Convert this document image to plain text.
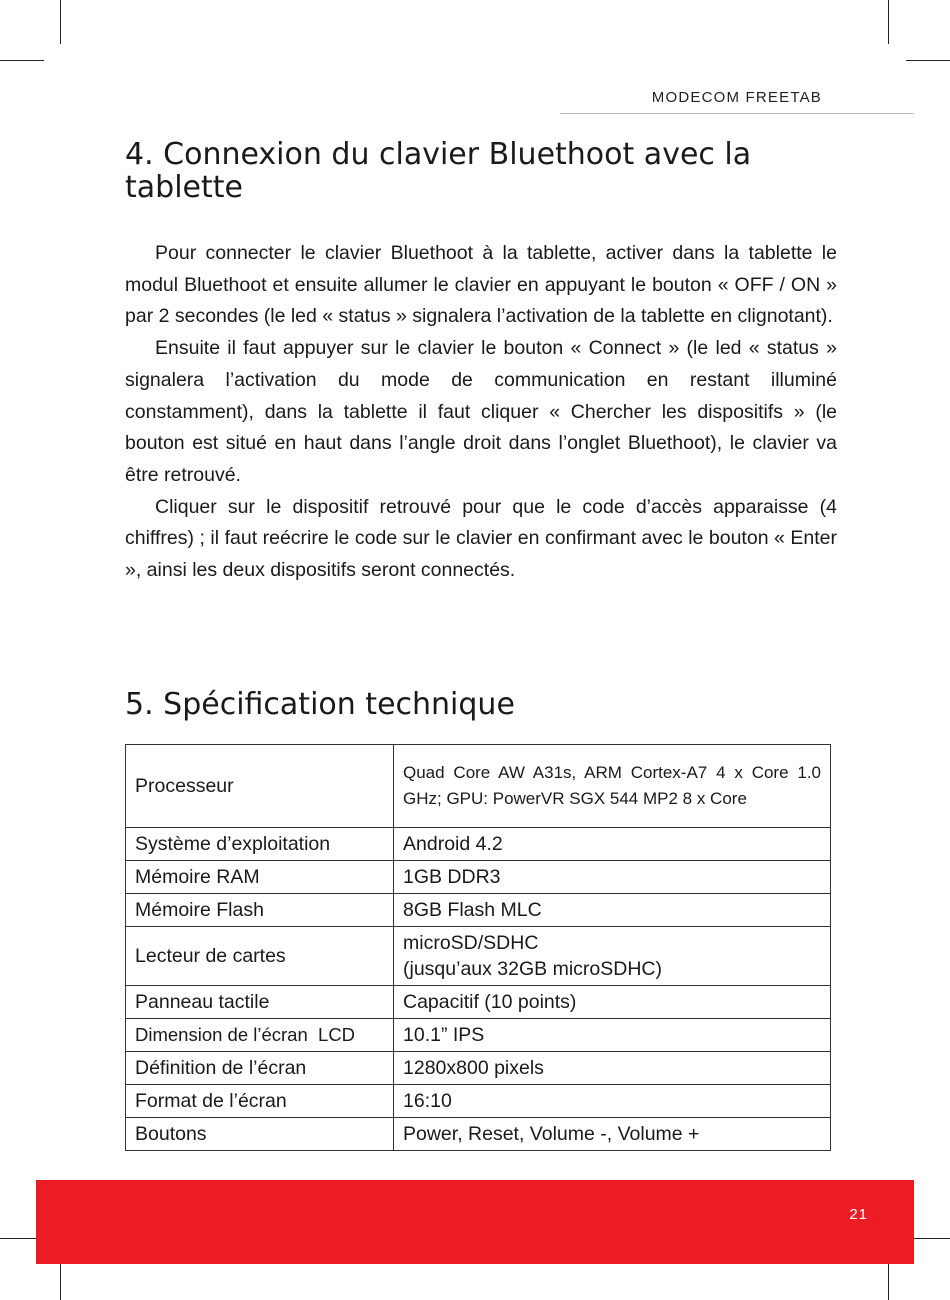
MODECOM FREETAB
4. Connexion du clavier Bluethoot avec la tablette

Pour connecter le clavier Bluethoot à la tablette, activer dans la tablette le modul Bluethoot et ensuite allumer le clavier en appuyant le bouton « OFF / ON » par 2 secondes (le led « status » signalera l’activation de la tablette en clignotant).

Ensuite il faut appuyer sur le clavier le bouton « Connect » (le led « status » signalera l’activation du mode de communication en restant illuminé constamment), dans la tablette il faut cliquer « Chercher les dispositifs » (le bouton est situé en haut dans l’angle droit dans l’onglet Bluethoot), le clavier va être retrouvé.

Cliquer sur le dispositif retrouvé pour que le code d’accès apparaisse (4 chiffres) ; il faut reécrire le code sur le clavier en confirmant avec le bouton « Enter », ainsi les deux dispositifs seront connectés.

5. Spécification technique
Processeur	Quad Core AW A31s, ARM Cortex-A7 4 x Core 1.0 GHz; GPU: PowerVR SGX 544 MP2 8 x Core
Système d’exploitation	Android 4.2
Mémoire RAM	1GB DDR3
Mémoire Flash	8GB Flash MLC
Lecteur de cartes	microSD/SDHC
(jusqu’aux 32GB microSDHC)

Panneau tactile	Capacitif (10 points)
Dimension de l’écran  LCD	10.1” IPS
Définition de l’écran	1280x800 pixels
Format de l’écran	16:10
Boutons	Power, Reset, Volume -, Volume +
21
